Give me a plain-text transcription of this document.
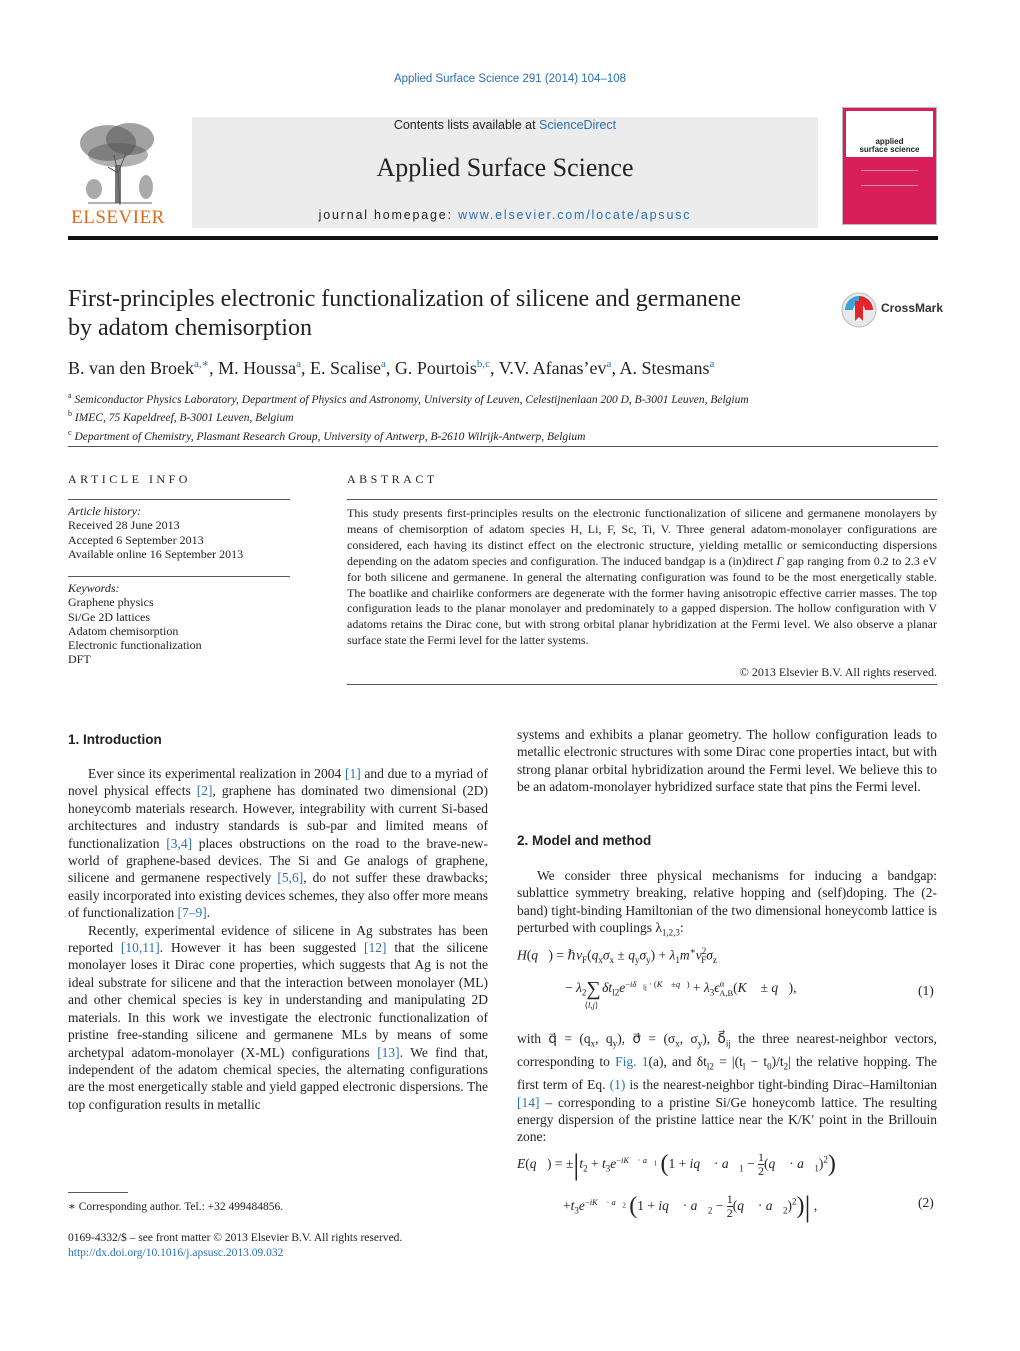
Applied Surface Science 291 (2014) 104–108
ELSEVIER
Contents lists available at ScienceDirect
Applied Surface Science
journal homepage: www.elsevier.com/locate/apsusc
applied
surface science
First-principles electronic functionalization of silicene and germanene
by adatom chemisorption
CrossMark
B. van den Broek$^{a,∗}$, M. Houssa$^a$, E. Scalise$^a$, G. Pourtois$^{b,c}$, V.V. $Afanas’ev^a$, A. Stesmans$^a$
$^a$ Semiconductor Physics Laboratory, Department of Physics and Astronomy, University of Leuven, Celestijnenlaan 200 D, B-3001 Leuven, Belgium
$^b$ IMEC, 75 Kapeldreef, B-3001 Leuven, Belgium
$^c$ Department of Chemistry, Plasmant Research Group, University of Antwerp, B-2610 Wilrijk-Antwerp, Belgium
ARTICLE INFO
Article history:
Received 28 June 2013
Accepted 6 September 2013
Available online 16 September 2013
Keywords:
Graphene physics
Si/Ge 2D lattices
Adatom chemisorption
Electronic functionalization
DFT
ABSTRACT
This study presents first-principles results on the electronic functionalization of silicene and germanene monolayers by means of chemisorption of adatom species H, Li, F, Sc, Ti, V. Three general adatom-monolayer configurations are considered, each having its distinct effect on the electronic structure, yielding metallic or semiconducting dispersions depending on the adatom species and configuration. The induced bandgap is a (in)direct Γ gap ranging from 0.2 to 2.3 eV for both silicene and germanene. In general the alternating configuration was found to be the most energetically stable. The boatlike and chairlike conformers are degenerate with the former having anisotropic effective carrier masses. The top configuration leads to the planar monolayer and predominately to a gapped dispersion. The hollow configuration with V adatoms retains the Dirac cone, but with strong orbital planar hybridization at the Fermi level. We also observe a planar surface state the Fermi level for the latter systems.
© 2013 Elsevier B.V. All rights reserved.
1. Introduction

Ever since its experimental realization in 2004 [1] and due to a myriad of novel physical effects [2], graphene has dominated two dimensional (2D) honeycomb materials research. However, integrability with current Si-based architectures and industry standards is sub-par and limited means of functionalization [3,4] places obstructions on the road to the brave-new-world of graphene-based devices. The Si and Ge analogs of graphene, silicene and germanene respectively [5,6], do not suffer these drawbacks; easily incorporated into existing devices schemes, they also offer more means of functionalization [7–9].

Recently, experimental evidence of silicene in Ag substrates has been reported [10,11]. However it has been suggested [12] that the silicene monolayer loses it Dirac cone properties, which suggests that Ag is not the ideal substrate for silicene and that the interaction between monolayer (ML) and other chemical species is key in understanding and manipulating 2D materials. In this work we investigate the electronic functionalization of pristine free-standing silicene and germanene MLs by means of some archetypal adatom-monolayer (X-ML) configurations [13]. We find that, independent of the adatom chemical species, the alternating configurations are the most energetically stable and yield gapped electronic dispersions. The top configuration results in metallic

systems and exhibits a planar geometry. The hollow configuration leads to metallic electronic structures with some Dirac cone properties intact, but with strong planar orbital hybridization around the Fermi level. We believe this to be an adatom-monolayer hybridized surface state that pins the Fermi level.

2. Model and method

We consider three physical mechanisms for inducing a bandgap: sublattice symmetry breaking, relative hopping and (self)doping. The (2-band) tight-binding Hamiltonian of the two dimensional honeycomb lattice is perturbed with couplings $\lambda_{1,2,3}$:

H(q⃗) = $\hbar v_F(q_x\sigma_x \pm q_y\sigma_y) + \lambda_1m^∗v^2_F\sigma_z$
− $\lambda_2\sum_{⟨l,j⟩}\delta t_{l2}e^{-i\delta⃗_{lj} \cdot (K⃗ \pm q⃗)}$ + $\lambda_3\epsilon^\alpha_{A,B}(K⃗$ ± q⃗),	(1)

with q⃗ = ($q_x$, $q_y$), σ⃗ = ($\sigma_x$, $\sigma_y$), $\delta⃗_{ij}$ the three nearest-neighbor vectors, corresponding to Fig. 1(a), and $\delta t_{l2} = |(t_l - t_0)/t_2|$ the relative hopping. The first term of Eq. (1) is the nearest-neighbor tight-binding Dirac–Hamiltonian [14] – corresponding to a pristine Si/Ge honeycomb lattice. The resulting energy dispersion of the pristine lattice near the K/K′ point in the Brillouin zone:

E(q⃗) = $\pm|t_2 + t_3e^{-iK⃗ \cdot a⃗_1}$ (1 + iq⃗ · $a⃗_1 - \frac{1}{2}$ (q⃗ · $a⃗_1)^2$)
$+t_3e^{-iK⃗ \cdot a⃗_2}$ (1 + iq⃗ · $a⃗_2 - \frac{1}{2}$ (q⃗ · $a⃗_2)^2)|$ ,	(2)
∗ Corresponding author. Tel.: +32 499484856.
0169-4332/$ – see front matter © 2013 Elsevier B.V. All rights reserved.
http://dx.doi.org/10.1016/j.apsusc.2013.09.032
